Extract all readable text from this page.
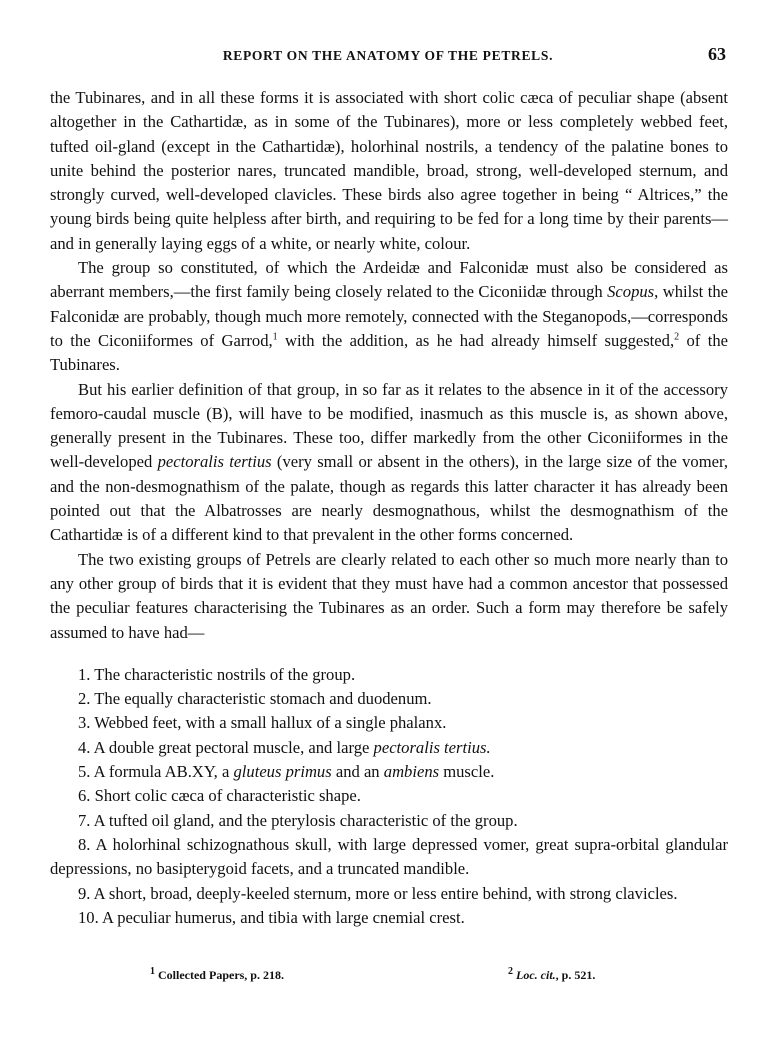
REPORT ON THE ANATOMY OF THE PETRELS.	63

the Tubinares, and in all these forms it is associated with short colic cæca of peculiar shape (absent altogether in the Cathartidæ, as in some of the Tubinares), more or less completely webbed feet, tufted oil-gland (except in the Cathartidæ), holorhinal nostrils, a tendency of the palatine bones to unite behind the posterior nares, truncated mandible, broad, strong, well-developed sternum, and strongly curved, well-developed clavicles. These birds also agree together in being “ Altrices,” the young birds being quite helpless after birth, and requiring to be fed for a long time by their parents—and in generally laying eggs of a white, or nearly white, colour.

The group so constituted, of which the Ardeidæ and Falconidæ must also be considered as aberrant members,—the first family being closely related to the Ciconiidæ through Scopus, whilst the Falconidæ are probably, though much more remotely, connected with the Steganopods,—corresponds to the Ciconiiformes of Garrod,$^1$ with the addition, as he had already himself suggested,$^2$ of the Tubinares.

But his earlier definition of that group, in so far as it relates to the absence in it of the accessory femoro-caudal muscle (B), will have to be modified, inasmuch as this muscle is, as shown above, generally present in the Tubinares. These too, differ markedly from the other Ciconiiformes in the well-developed pectoralis tertius (very small or absent in the others), in the large size of the vomer, and the non-desmognathism of the palate, though as regards this latter character it has already been pointed out that the Albatrosses are nearly desmognathous, whilst the desmognathism of the Cathartidæ is of a different kind to that prevalent in the other forms concerned.

The two existing groups of Petrels are clearly related to each other so much more nearly than to any other group of birds that it is evident that they must have had a common ancestor that possessed the peculiar features characterising the Tubinares as an order. Such a form may therefore be safely assumed to have had—

1. The characteristic nostrils of the group.
2. The equally characteristic stomach and duodenum.
3. Webbed feet, with a small hallux of a single phalanx.
4. A double great pectoral muscle, and large pectoralis tertius.
5. A formula AB.XY, a gluteus primus and an ambiens muscle.
6. Short colic cæca of characteristic shape.
7. A tufted oil gland, and the pterylosis characteristic of the group.
8. A holorhinal schizognathous skull, with large depressed vomer, great supra-orbital glandular depressions, no basipterygoid facets, and a truncated mandible.
9. A short, broad, deeply-keeled sternum, more or less entire behind, with strong clavicles.
10. A peculiar humerus, and tibia with large cnemial crest.
$^1$ Collected Papers, p. 218.	$^2$ Loc. cit., p. 521.
